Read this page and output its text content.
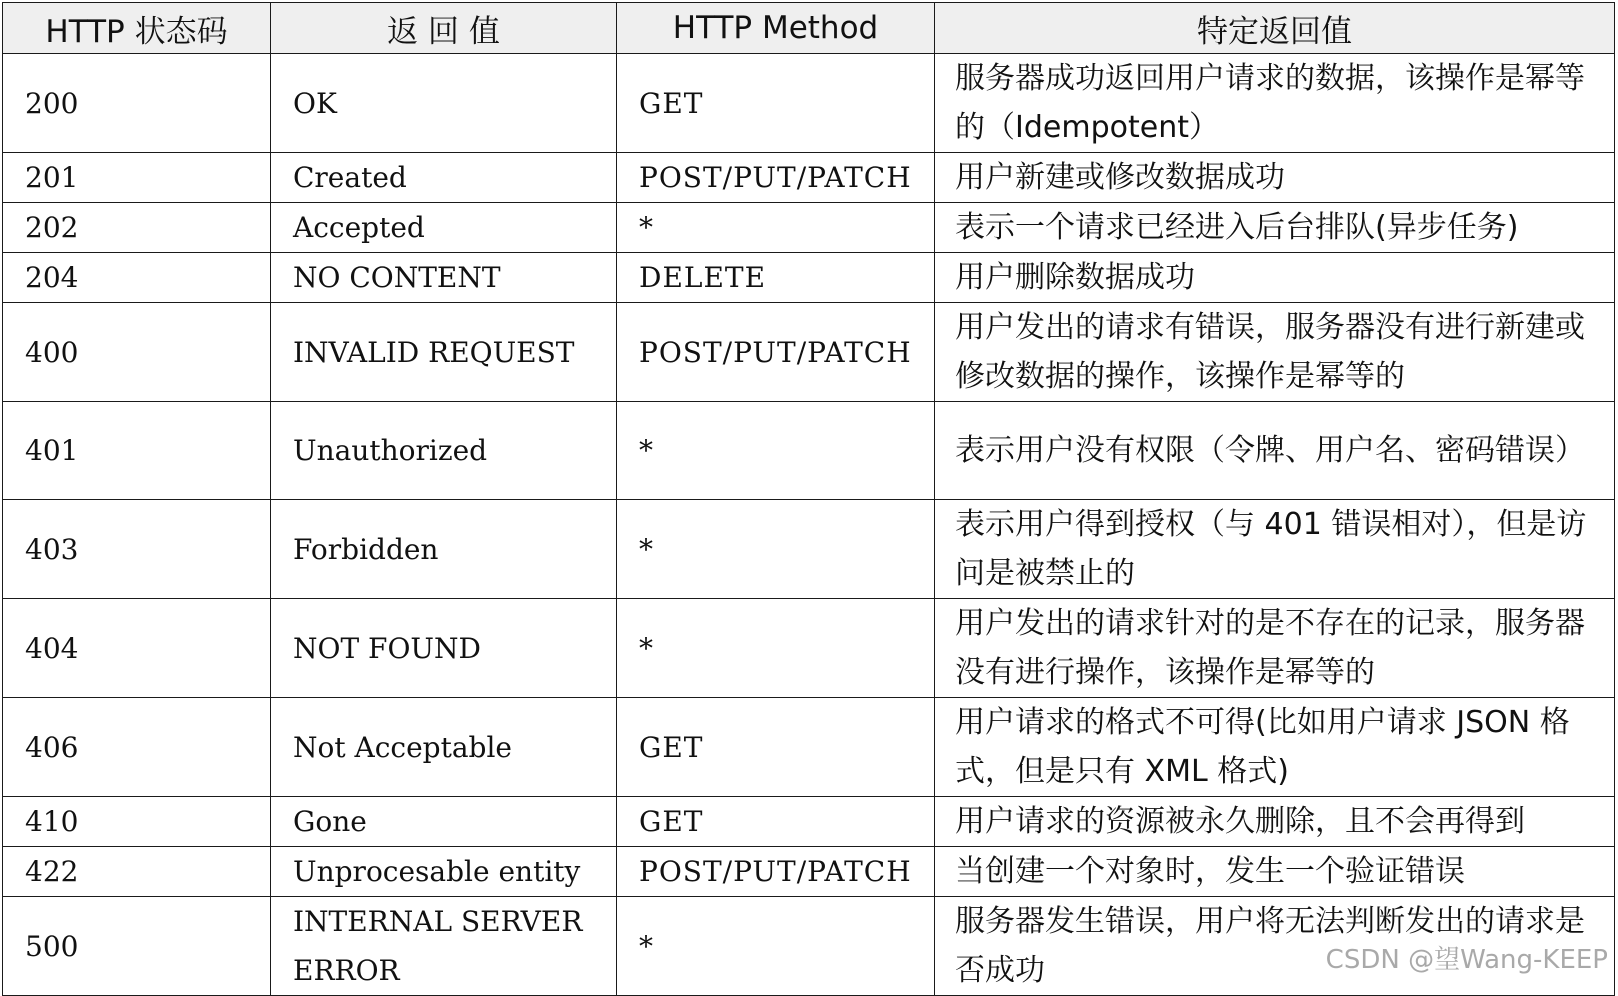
HTTP 状态码	返 回 值	HTTP Method	特定返回值
200	OK	GET	服务器成功返回用户请求的数据，该操作是幂等的（Idempotent）
201	Created	POST/PUT/PATCH	用户新建或修改数据成功
202	Accepted	*	表示一个请求已经进入后台排队(异步任务)
204	NO CONTENT	DELETE	用户删除数据成功
400	INVALID REQUEST	POST/PUT/PATCH	用户发出的请求有错误，服务器没有进行新建或修改数据的操作，该操作是幂等的
401	Unauthorized	*	表示用户没有权限（令牌、用户名、密码错误）
403	Forbidden	*	表示用户得到授权（与 401 错误相对），但是访问是被禁止的
404	NOT FOUND	*	用户发出的请求针对的是不存在的记录，服务器没有进行操作，该操作是幂等的
406	Not Acceptable	GET	用户请求的格式不可得(比如用户请求 JSON 格式，但是只有 XML 格式)
410	Gone	GET	用户请求的资源被永久删除，且不会再得到
422	Unprocesable entity	POST/PUT/PATCH	当创建一个对象时，发生一个验证错误
500	INTERNAL SERVER ERROR	*	服务器发生错误，用户将无法判断发出的请求是否成功	CSDN @望Wang-KEEP
